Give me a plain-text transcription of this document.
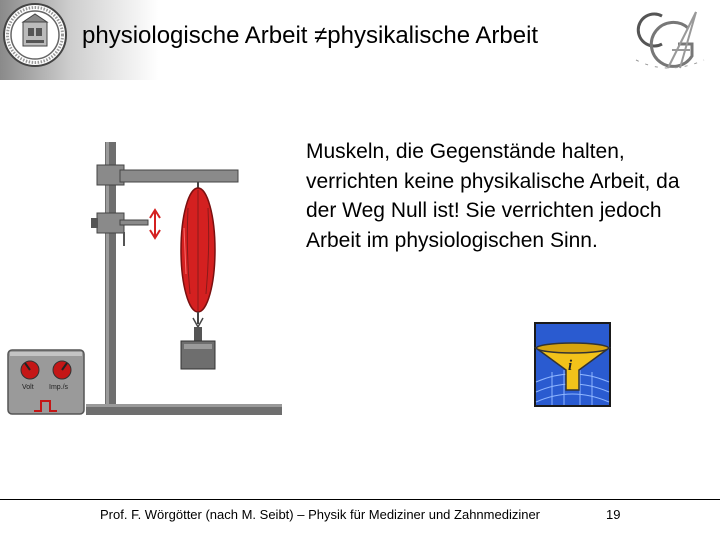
physiologische Arbeit ≠physikalische Arbeit
Volt Imp./s
Muskeln, die Gegenstände halten, verrichten keine physikalische Arbeit, da der Weg Null ist! Sie verrichten jedoch Arbeit im physiologischen Sinn.
i
Prof. F. Wörgötter (nach M. Seibt) – Physik für Mediziner und Zahnmediziner	19
